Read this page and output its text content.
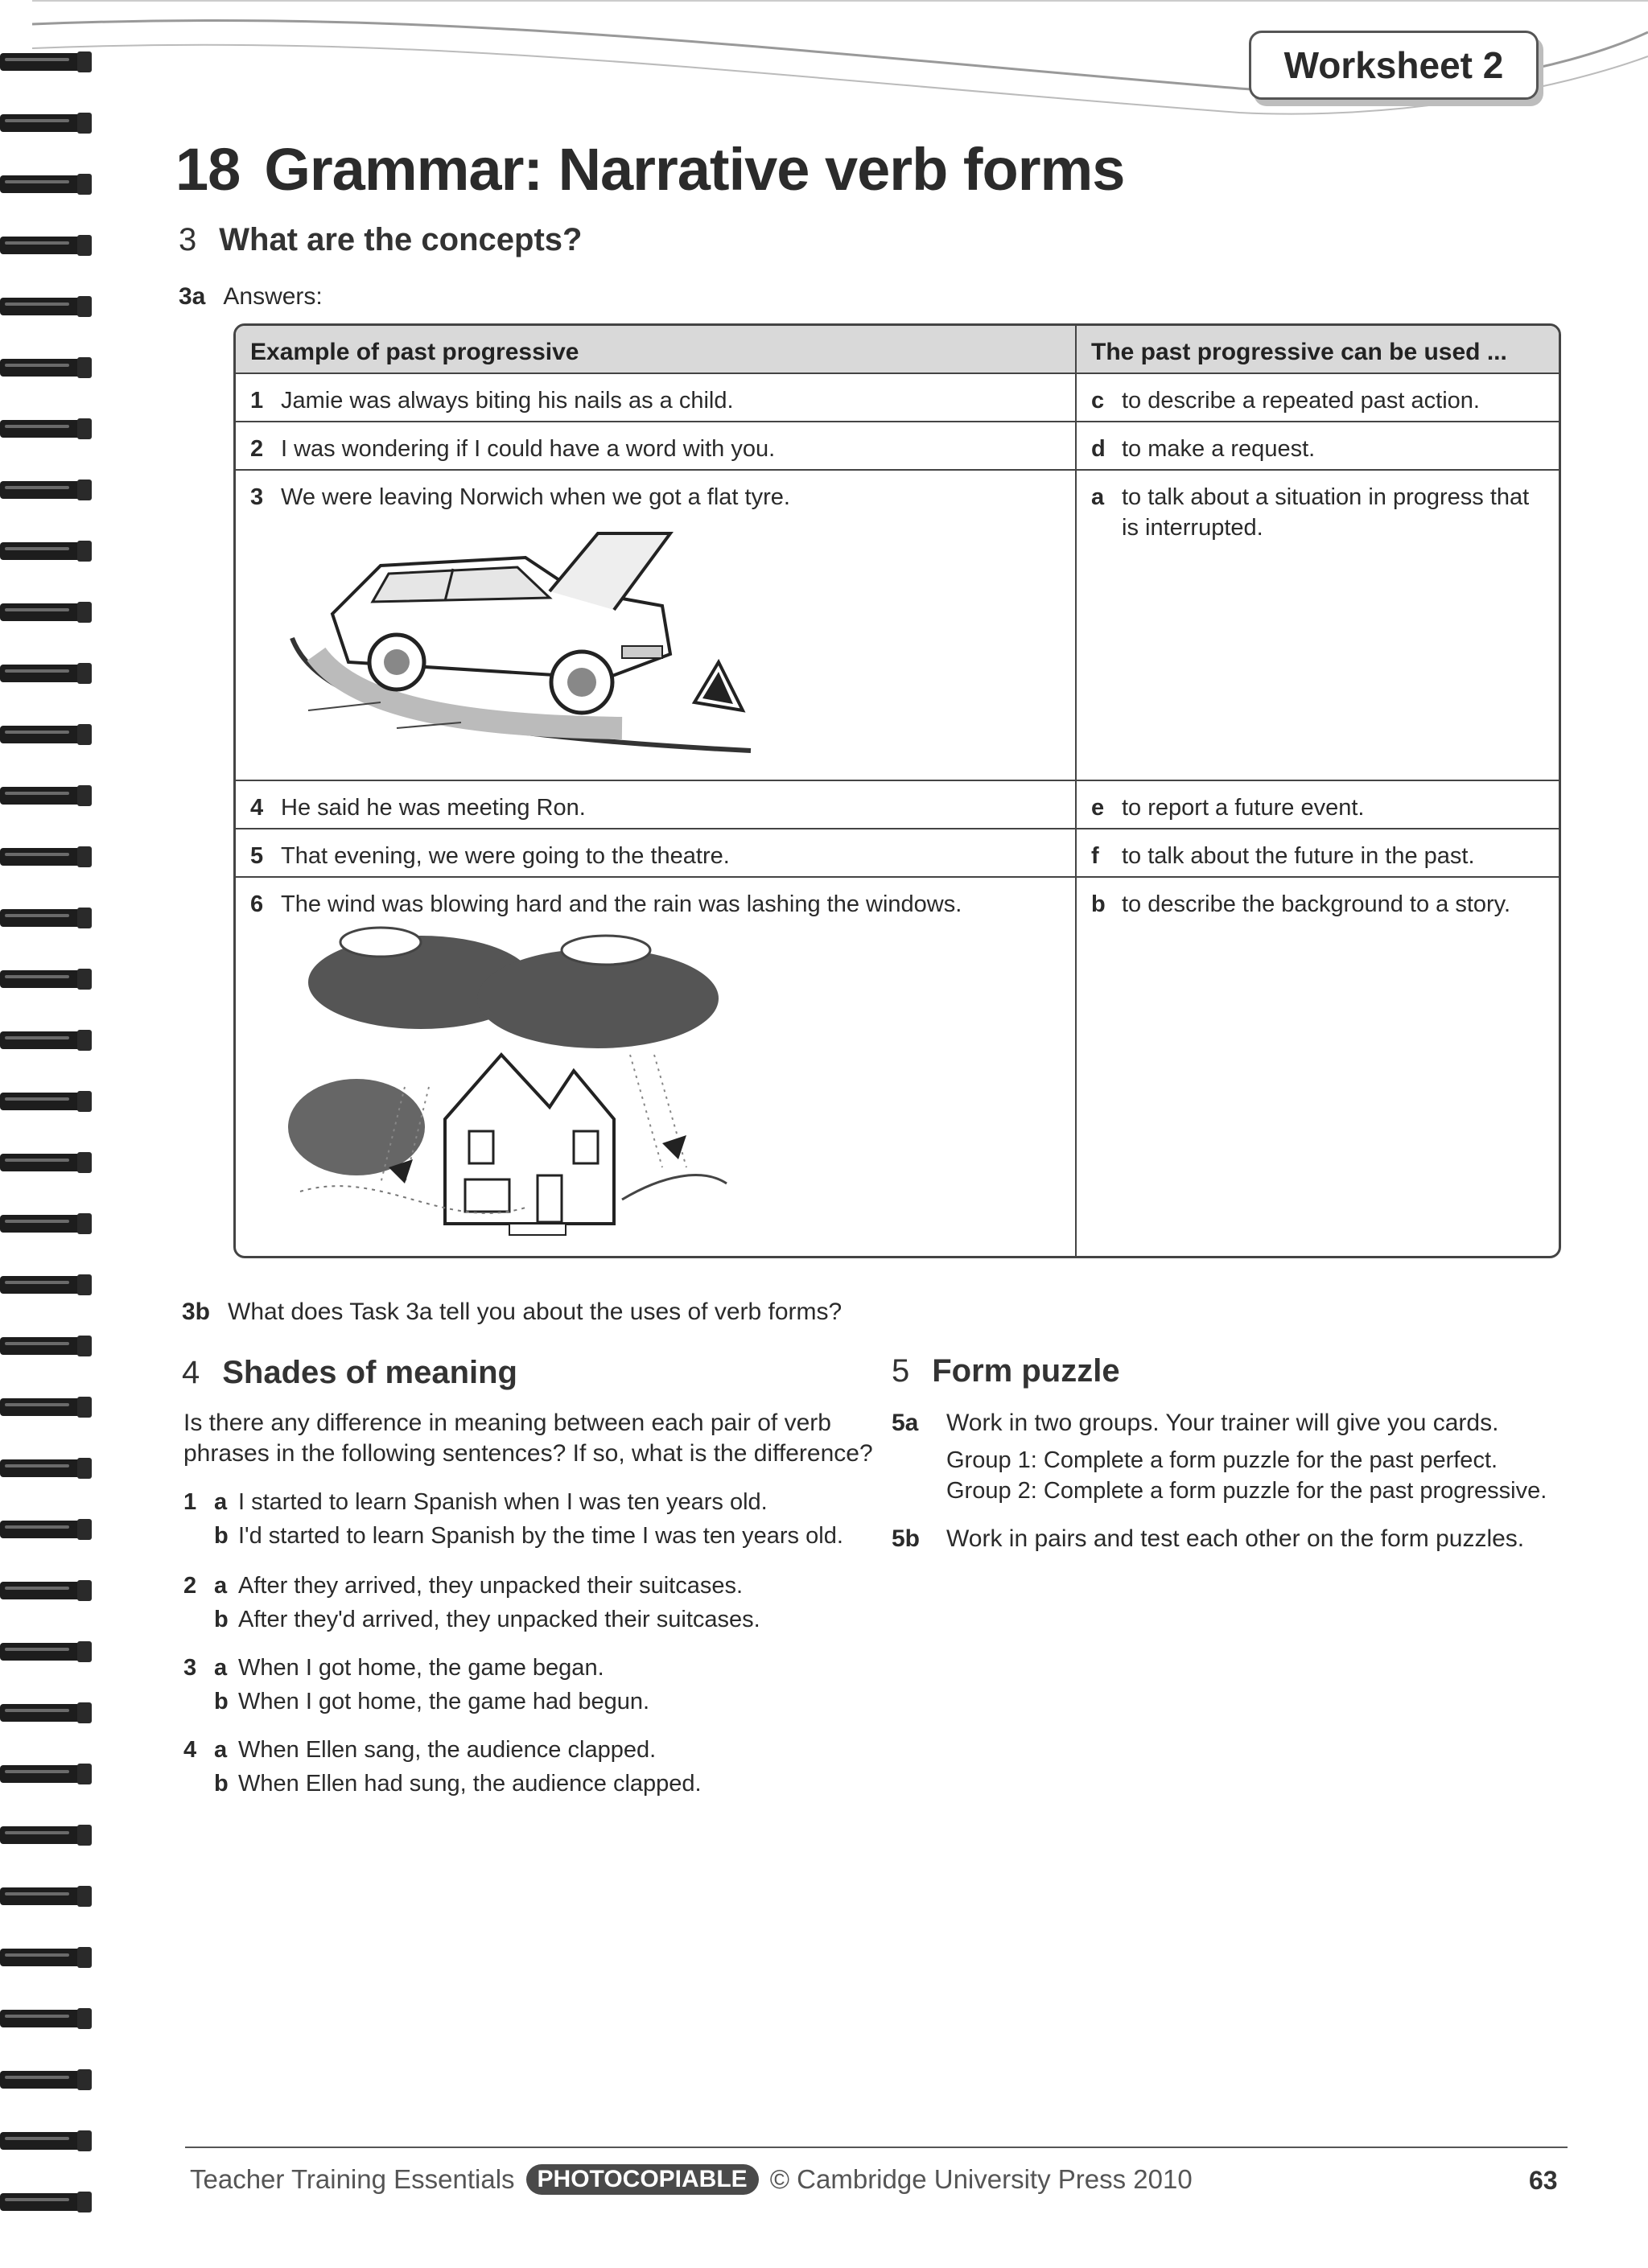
Worksheet 2
18 Grammar: Narrative verb forms
3 What are the concepts?
3a Answers:
Example of past progressive	The past progressive can be used ...
1 Jamie was always biting his nails as a child.	c to describe a repeated past action.
2 I was wondering if I could have a word with you.	d to make a request.
3 We were leaving Norwich when we got a flat tyre.	a to talk about a situation in progress that is interrupted.
4 He said he was meeting Ron.	e to report a future event.
5 That evening, we were going to the theatre.	f to talk about the future in the past.
6 The wind was blowing hard and the rain was lashing the windows.	b to describe the background to a story.
3b What does Task 3a tell you about the uses of verb forms?
4 Shades of meaning
Is there any difference in meaning between each pair of verb phrases in the following sentences? If so, what is the difference?
1 a I started to learn Spanish when I was ten years old.
b I'd started to learn Spanish by the time I was ten years old.
2 a After they arrived, they unpacked their suitcases.
b After they'd arrived, they unpacked their suitcases.
3 a When I got home, the game began.
b When I got home, the game had begun.
4 a When Ellen sang, the audience clapped.
b When Ellen had sung, the audience clapped.
5 Form puzzle
5a Work in two groups. Your trainer will give you cards.
Group 1: Complete a form puzzle for the past perfect.
Group 2: Complete a form puzzle for the past progressive.
5b Work in pairs and test each other on the form puzzles.
Teacher Training Essentials PHOTOCOPIABLE © Cambridge University Press 2010	63
